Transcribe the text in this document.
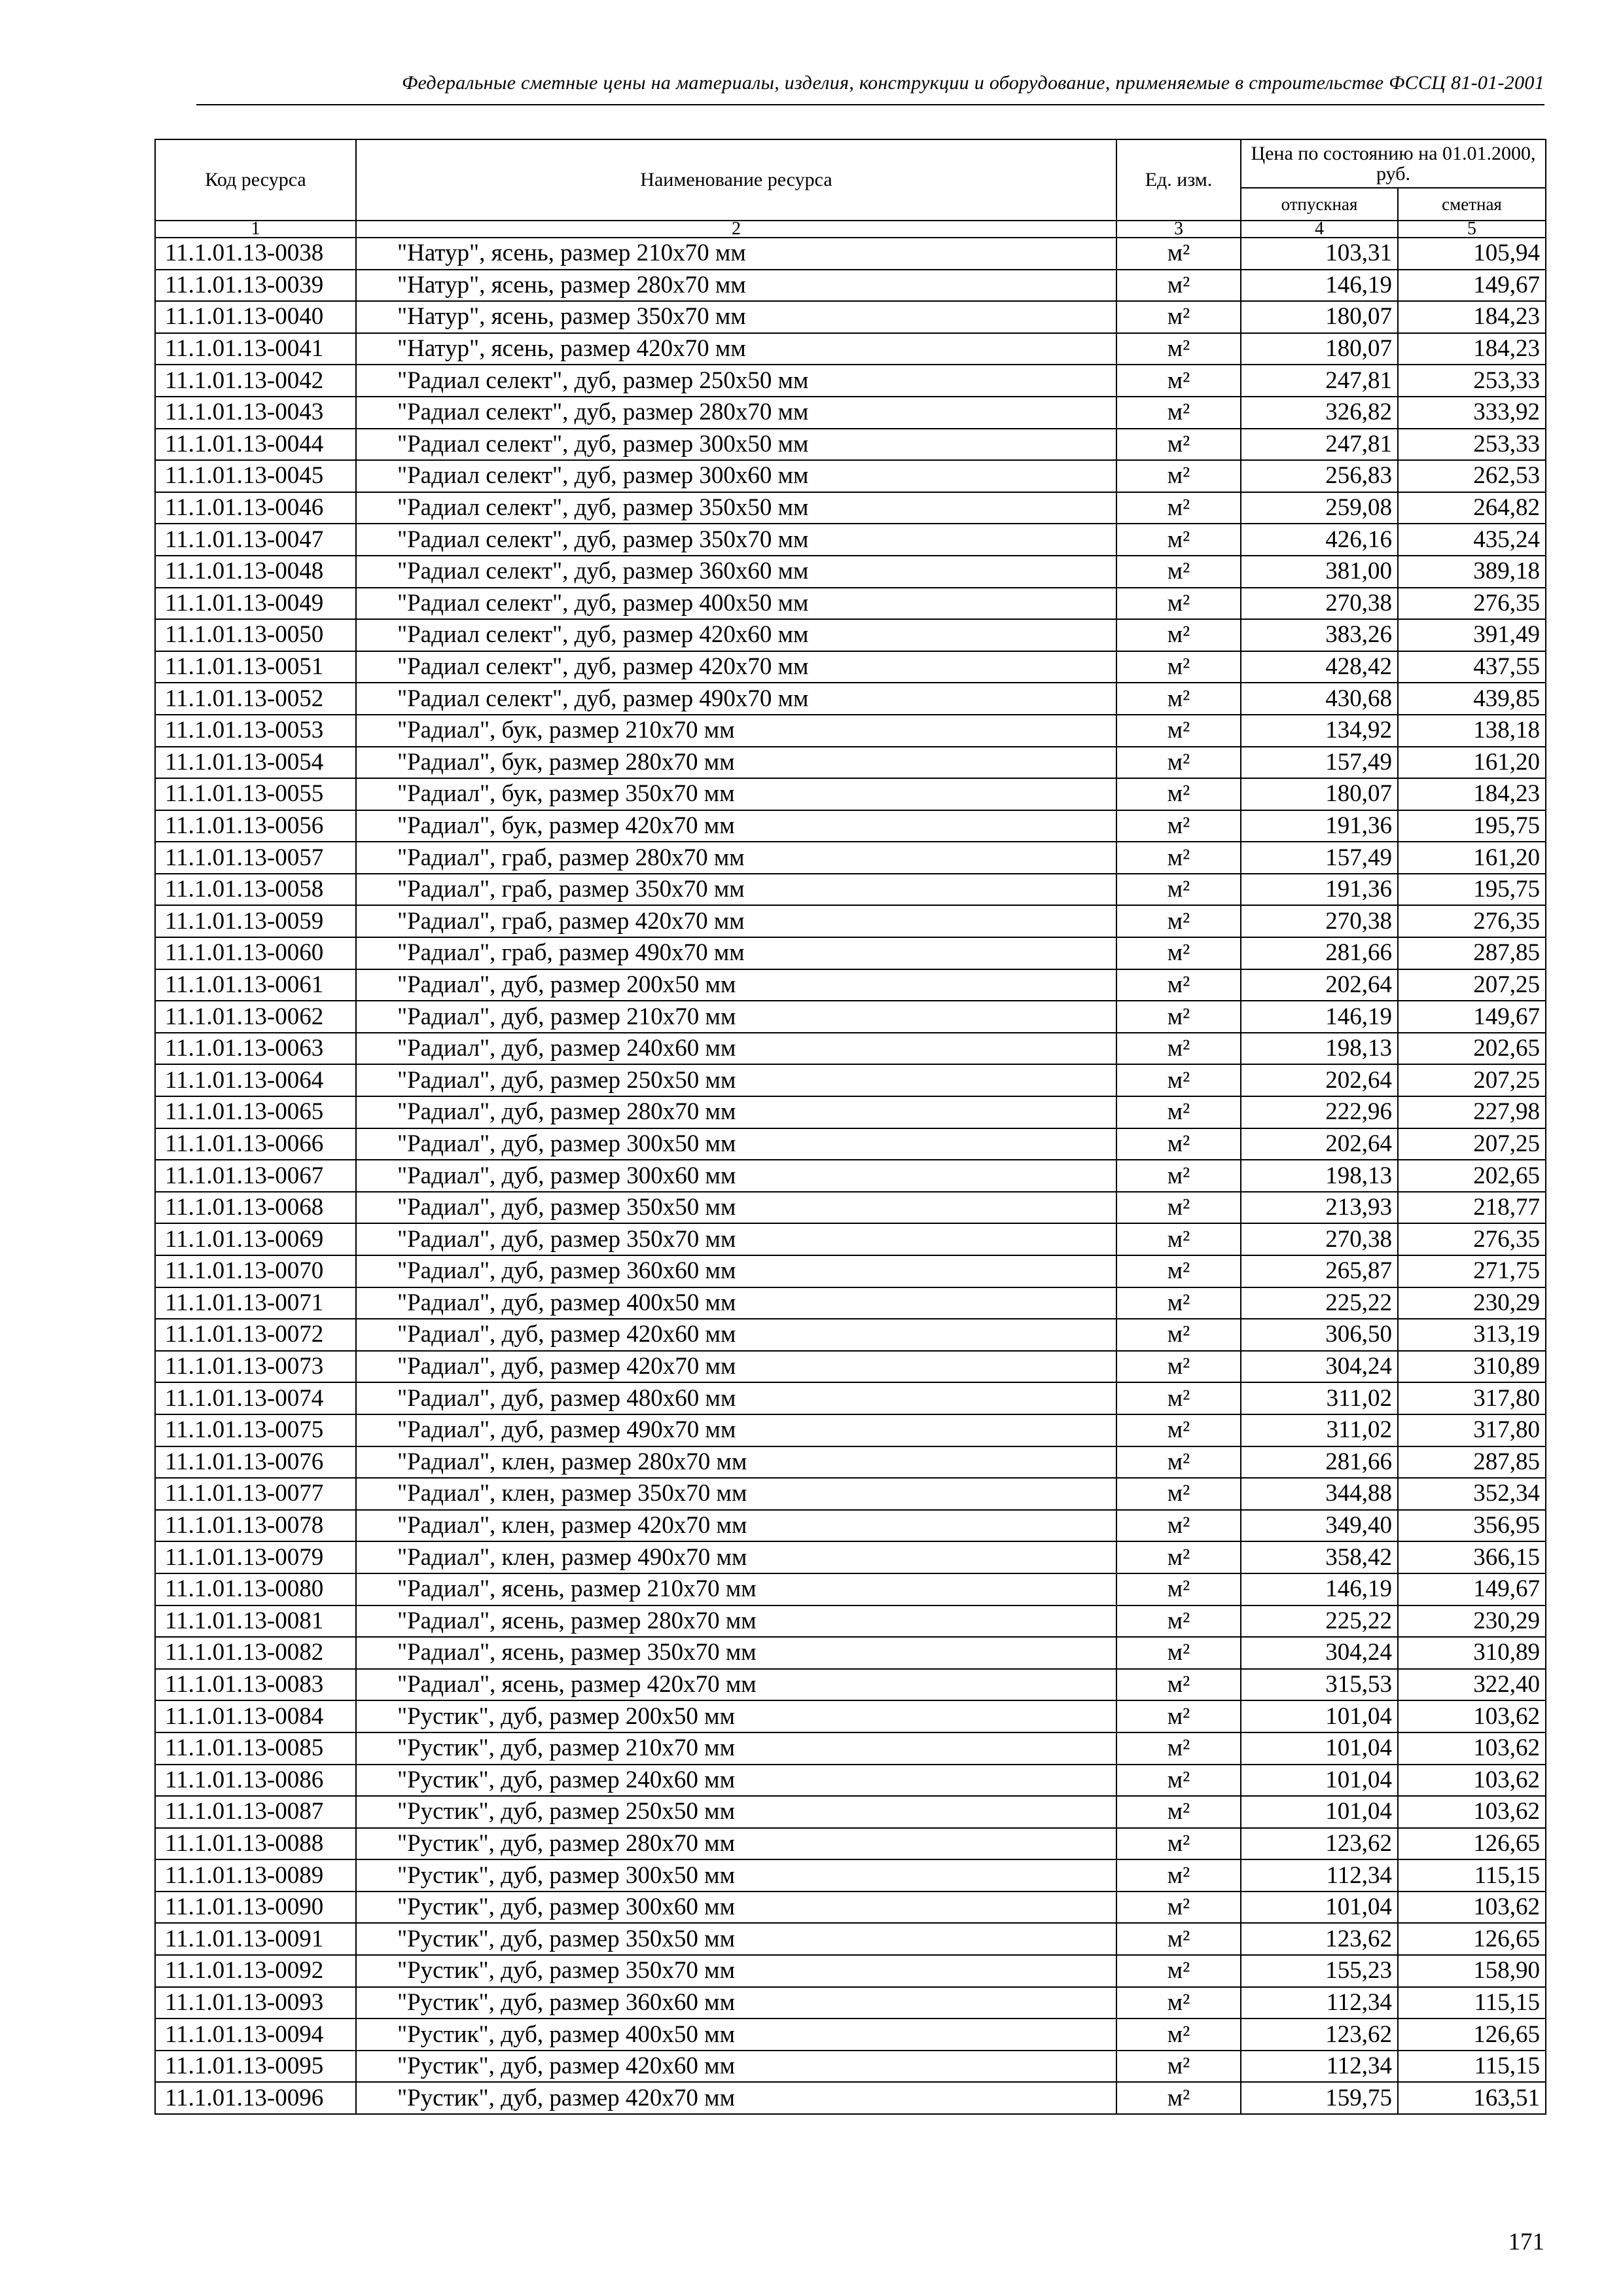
Федеральные сметные цены на материалы, изделия, конструкции и оборудование, применяемые в строительстве ФССЦ 81-01-2001
Код ресурса	Наименование ресурса	Ед. изм.	Цена по состоянию на 01.01.2000, руб.	
			отпускная	сметная
1	2	3	4	5
11.1.01.13-0038	"Натур", ясень, размер 210х70 мм	м²	103,31	105,94
11.1.01.13-0039	"Натур", ясень, размер 280х70 мм	м²	146,19	149,67
11.1.01.13-0040	"Натур", ясень, размер 350х70 мм	м²	180,07	184,23
11.1.01.13-0041	"Натур", ясень, размер 420х70 мм	м²	180,07	184,23
11.1.01.13-0042	"Радиал селект", дуб, размер 250х50 мм	м²	247,81	253,33
11.1.01.13-0043	"Радиал селект", дуб, размер 280х70 мм	м²	326,82	333,92
11.1.01.13-0044	"Радиал селект", дуб, размер 300х50 мм	м²	247,81	253,33
11.1.01.13-0045	"Радиал селект", дуб, размер 300х60 мм	м²	256,83	262,53
11.1.01.13-0046	"Радиал селект", дуб, размер 350х50 мм	м²	259,08	264,82
11.1.01.13-0047	"Радиал селект", дуб, размер 350х70 мм	м²	426,16	435,24
11.1.01.13-0048	"Радиал селект", дуб, размер 360х60 мм	м²	381,00	389,18
11.1.01.13-0049	"Радиал селект", дуб, размер 400х50 мм	м²	270,38	276,35
11.1.01.13-0050	"Радиал селект", дуб, размер 420х60 мм	м²	383,26	391,49
11.1.01.13-0051	"Радиал селект", дуб, размер 420х70 мм	м²	428,42	437,55
11.1.01.13-0052	"Радиал селект", дуб, размер 490х70 мм	м²	430,68	439,85
11.1.01.13-0053	"Радиал", бук, размер 210х70 мм	м²	134,92	138,18
11.1.01.13-0054	"Радиал", бук, размер 280х70 мм	м²	157,49	161,20
11.1.01.13-0055	"Радиал", бук, размер 350х70 мм	м²	180,07	184,23
11.1.01.13-0056	"Радиал", бук, размер 420х70 мм	м²	191,36	195,75
11.1.01.13-0057	"Радиал", граб, размер 280х70 мм	м²	157,49	161,20
11.1.01.13-0058	"Радиал", граб, размер 350х70 мм	м²	191,36	195,75
11.1.01.13-0059	"Радиал", граб, размер 420х70 мм	м²	270,38	276,35
11.1.01.13-0060	"Радиал", граб, размер 490х70 мм	м²	281,66	287,85
11.1.01.13-0061	"Радиал", дуб, размер 200х50 мм	м²	202,64	207,25
11.1.01.13-0062	"Радиал", дуб, размер 210х70 мм	м²	146,19	149,67
11.1.01.13-0063	"Радиал", дуб, размер 240х60 мм	м²	198,13	202,65
11.1.01.13-0064	"Радиал", дуб, размер 250х50 мм	м²	202,64	207,25
11.1.01.13-0065	"Радиал", дуб, размер 280х70 мм	м²	222,96	227,98
11.1.01.13-0066	"Радиал", дуб, размер 300х50 мм	м²	202,64	207,25
11.1.01.13-0067	"Радиал", дуб, размер 300х60 мм	м²	198,13	202,65
11.1.01.13-0068	"Радиал", дуб, размер 350х50 мм	м²	213,93	218,77
11.1.01.13-0069	"Радиал", дуб, размер 350х70 мм	м²	270,38	276,35
11.1.01.13-0070	"Радиал", дуб, размер 360х60 мм	м²	265,87	271,75
11.1.01.13-0071	"Радиал", дуб, размер 400х50 мм	м²	225,22	230,29
11.1.01.13-0072	"Радиал", дуб, размер 420х60 мм	м²	306,50	313,19
11.1.01.13-0073	"Радиал", дуб, размер 420х70 мм	м²	304,24	310,89
11.1.01.13-0074	"Радиал", дуб, размер 480х60 мм	м²	311,02	317,80
11.1.01.13-0075	"Радиал", дуб, размер 490х70 мм	м²	311,02	317,80
11.1.01.13-0076	"Радиал", клен, размер 280х70 мм	м²	281,66	287,85
11.1.01.13-0077	"Радиал", клен, размер 350х70 мм	м²	344,88	352,34
11.1.01.13-0078	"Радиал", клен, размер 420х70 мм	м²	349,40	356,95
11.1.01.13-0079	"Радиал", клен, размер 490х70 мм	м²	358,42	366,15
11.1.01.13-0080	"Радиал", ясень, размер 210х70 мм	м²	146,19	149,67
11.1.01.13-0081	"Радиал", ясень, размер 280х70 мм	м²	225,22	230,29
11.1.01.13-0082	"Радиал", ясень, размер 350х70 мм	м²	304,24	310,89
11.1.01.13-0083	"Радиал", ясень, размер 420х70 мм	м²	315,53	322,40
11.1.01.13-0084	"Рустик", дуб, размер 200х50 мм	м²	101,04	103,62
11.1.01.13-0085	"Рустик", дуб, размер 210х70 мм	м²	101,04	103,62
11.1.01.13-0086	"Рустик", дуб, размер 240х60 мм	м²	101,04	103,62
11.1.01.13-0087	"Рустик", дуб, размер 250х50 мм	м²	101,04	103,62
11.1.01.13-0088	"Рустик", дуб, размер 280х70 мм	м²	123,62	126,65
11.1.01.13-0089	"Рустик", дуб, размер 300х50 мм	м²	112,34	115,15
11.1.01.13-0090	"Рустик", дуб, размер 300х60 мм	м²	101,04	103,62
11.1.01.13-0091	"Рустик", дуб, размер 350х50 мм	м²	123,62	126,65
11.1.01.13-0092	"Рустик", дуб, размер 350х70 мм	м²	155,23	158,90
11.1.01.13-0093	"Рустик", дуб, размер 360х60 мм	м²	112,34	115,15
11.1.01.13-0094	"Рустик", дуб, размер 400х50 мм	м²	123,62	126,65
11.1.01.13-0095	"Рустик", дуб, размер 420х60 мм	м²	112,34	115,15
11.1.01.13-0096	"Рустик", дуб, размер 420х70 мм	м²	159,75	163,51
171
